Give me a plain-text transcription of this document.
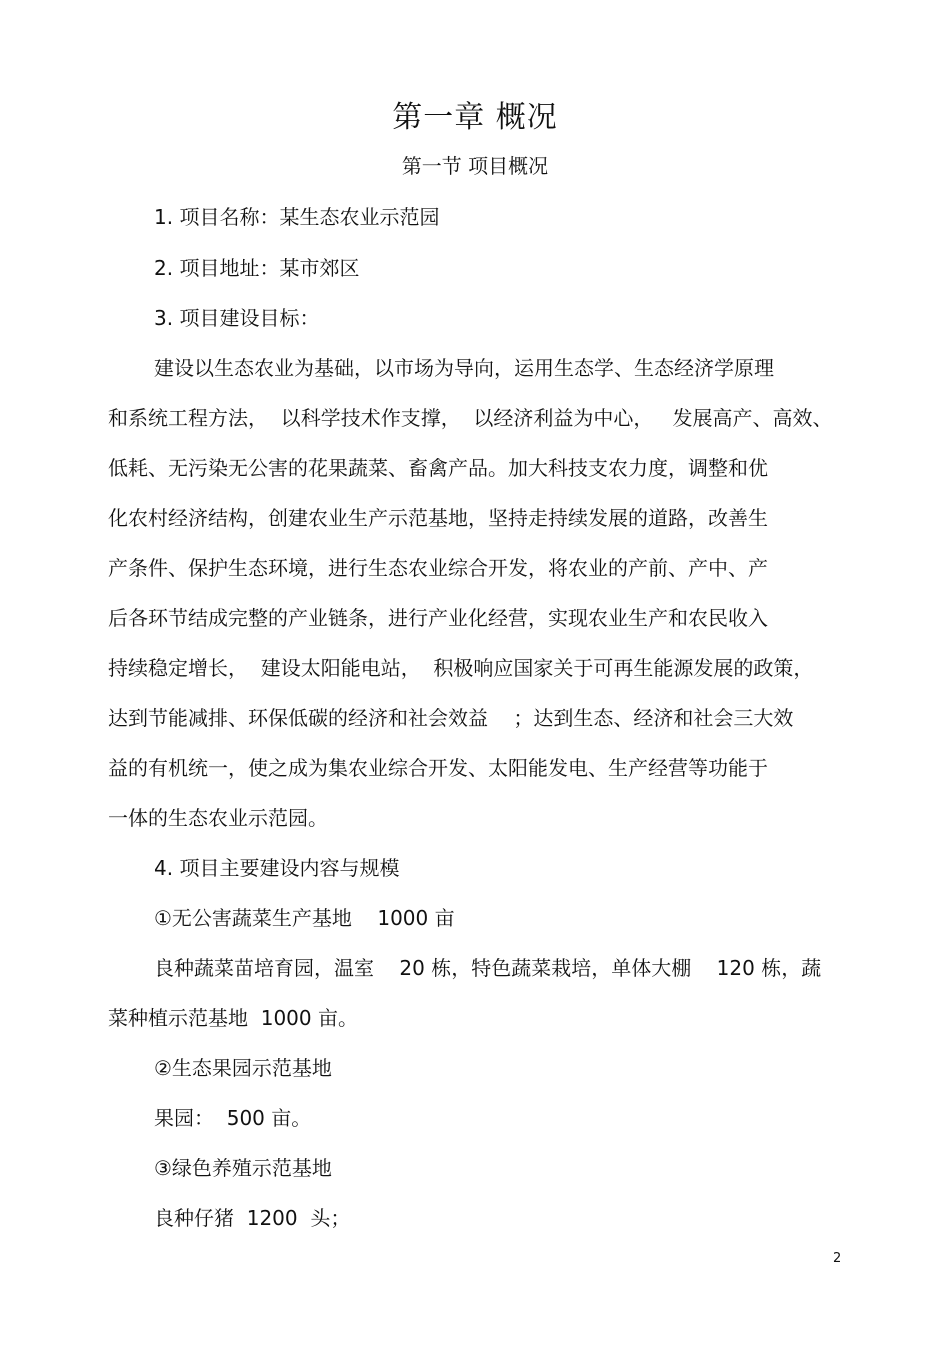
第一章 概况
第一节 项目概况
1. 项目名称：某生态农业示范园
2. 项目地址：某市郊区
3. 项目建设目标：
建设以生态农业为基础，以市场为导向，运用生态学、生态经济学原理
和系统工程方法，  以科学技术作支撑，  以经济利益为中心，   发展高产、高效、
低耗、无污染无公害的花果蔬菜、畜禽产品。加大科技支农力度，调整和优
化农村经济结构，创建农业生产示范基地，坚持走持续发展的道路，改善生
产条件、保护生态环境，进行生态农业综合开发，将农业的产前、产中、产
后各环节结成完整的产业链条，进行产业化经营，实现农业生产和农民收入
持续稳定增长，  建设太阳能电站，  积极响应国家关于可再生能源发展的政策，
达到节能减排、环保低碳的经济和社会效益    ；达到生态、经济和社会三大效
益的有机统一，使之成为集农业综合开发、太阳能发电、生产经营等功能于
一体的生态农业示范园。
4. 项目主要建设内容与规模
①无公害蔬菜生产基地    1000 亩
良种蔬菜苗培育园，温室    20 栋，特色蔬菜栽培，单体大棚    120 栋，蔬
菜种植示范基地  1000 亩。
②生态果园示范基地
果园：  500 亩。
③绿色养殖示范基地
良种仔猪  1200  头；
2
